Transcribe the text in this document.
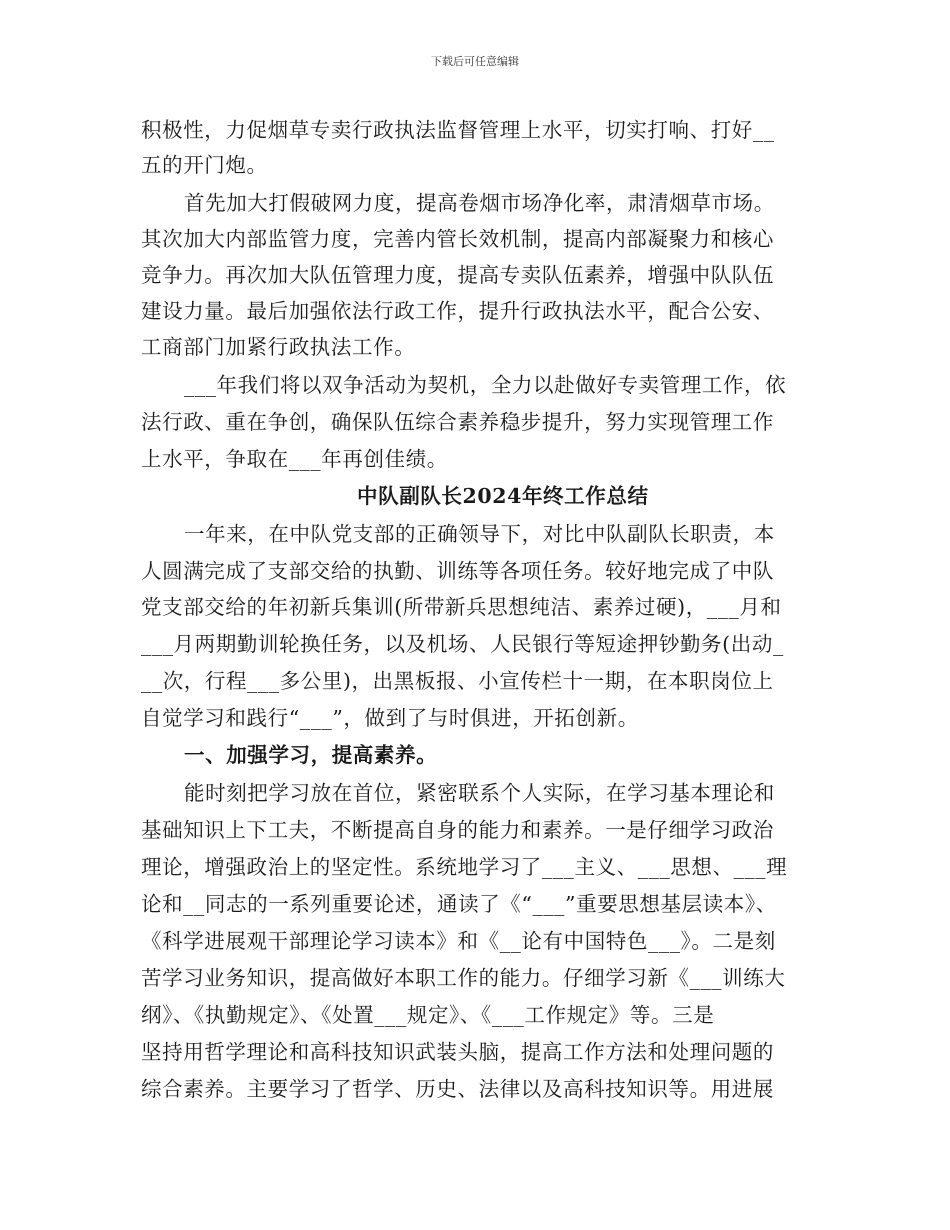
下载后可任意编辑
积极性，力促烟草专卖行政执法监督管理上水平，切实打响、打好__
五的开门炮。
首先加大打假破网力度，提高卷烟市场净化率，肃清烟草市场。
其次加大内部监管力度，完善内管长效机制，提高内部凝聚力和核心
竞争力。再次加大队伍管理力度，提高专卖队伍素养，增强中队队伍
建设力量。最后加强依法行政工作，提升行政执法水平，配合公安、
工商部门加紧行政执法工作。
___年我们将以双争活动为契机，全力以赴做好专卖管理工作，依
法行政、重在争创，确保队伍综合素养稳步提升，努力实现管理工作
上水平，争取在___年再创佳绩。
中队副队长2024年终工作总结
一年来，在中队党支部的正确领导下，对比中队副队长职责，本
人圆满完成了支部交给的执勤、训练等各项任务。较好地完成了中队
党支部交给的年初新兵集训(所带新兵思想纯洁、素养过硬)，___月和
___月两期勤训轮换任务，以及机场、人民银行等短途押钞勤务(出动_
__次，行程___多公里)，出黑板报、小宣传栏十一期，在本职岗位上
自觉学习和践行“___”，做到了与时俱进，开拓创新。
一、加强学习，提高素养。
能时刻把学习放在首位，紧密联系个人实际，在学习基本理论和
基础知识上下工夫，不断提高自身的能力和素养。一是仔细学习政治
理论，增强政治上的坚定性。系统地学习了___主义、___思想、___理
论和__同志的一系列重要论述，通读了《“___”重要思想基层读本》、
《科学进展观干部理论学习读本》和《__论有中国特色___》。二是刻
苦学习业务知识，提高做好本职工作的能力。仔细学习新《___训练大
纲》、《执勤规定》、《处置___规定》、《___工作规定》等。三是
坚持用哲学理论和高科技知识武装头脑，提高工作方法和处理问题的
综合素养。主要学习了哲学、历史、法律以及高科技知识等。用进展
